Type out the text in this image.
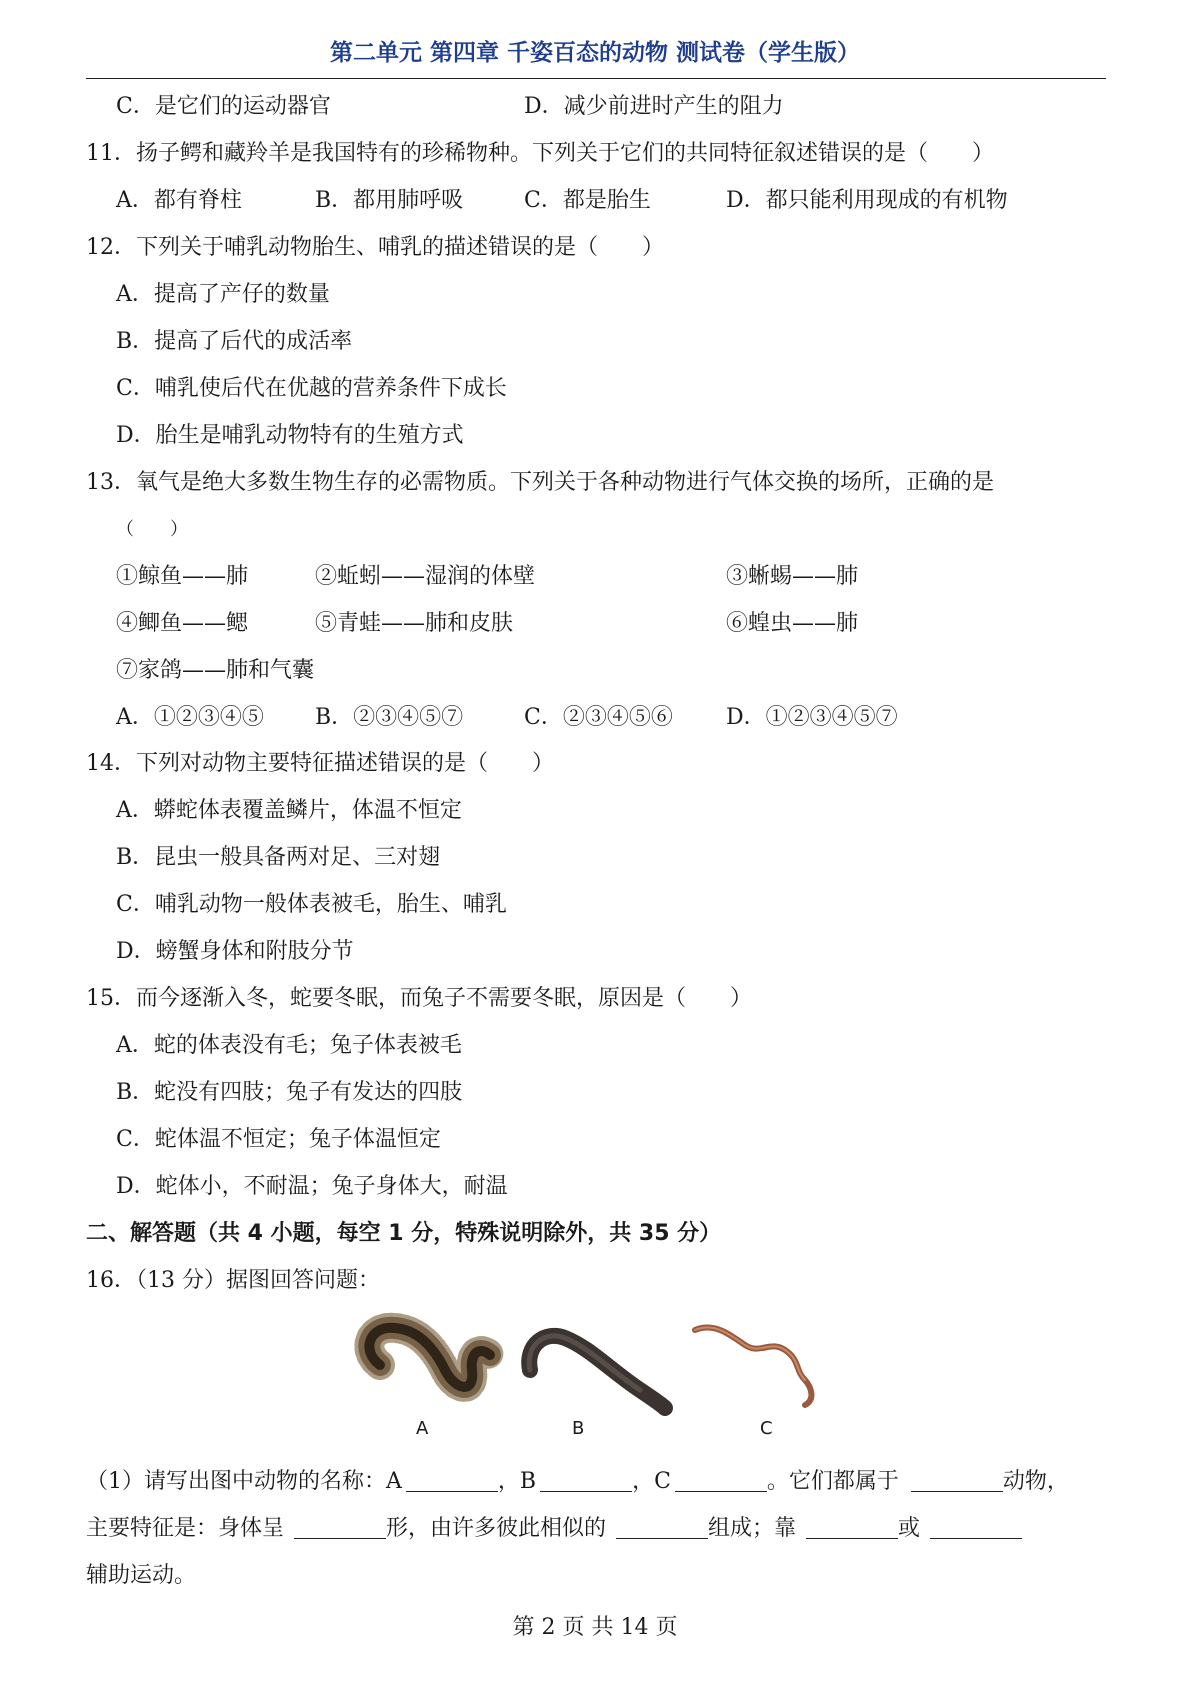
第二单元 第四章 千姿百态的动物 测试卷（学生版）
C．是它们的运动器官	D．减少前进时产生的阻力
11．扬子鳄和藏羚羊是我国特有的珍稀物种。下列关于它们的共同特征叙述错误的是（　　）
A．都有脊柱	B．都用肺呼吸	C．都是胎生	D．都只能利用现成的有机物
12．下列关于哺乳动物胎生、哺乳的描述错误的是（　　）
A．提高了产仔的数量
B．提高了后代的成活率
C．哺乳使后代在优越的营养条件下成长
D．胎生是哺乳动物特有的生殖方式
13．氧气是绝大多数生物生存的必需物质。下列关于各种动物进行气体交换的场所，正确的是
（　　）
①鲸鱼——肺	②蚯蚓——湿润的体壁	③蜥蜴——肺
④鲫鱼——鳃	⑤青蛙——肺和皮肤	⑥蝗虫——肺
⑦家鸽——肺和气囊
A．①②③④⑤ B．②③④⑤⑦	C．②③④⑤⑥ D．①②③④⑤⑦
14．下列对动物主要特征描述错误的是（　　）
A．蟒蛇体表覆盖鳞片，体温不恒定
B．昆虫一般具备两对足、三对翅
C．哺乳动物一般体表被毛，胎生、哺乳
D．螃蟹身体和附肢分节
15．而今逐渐入冬，蛇要冬眠，而兔子不需要冬眠，原因是（　　）
A．蛇的体表没有毛；兔子体表被毛
B．蛇没有四肢；兔子有发达的四肢
C．蛇体温不恒定；兔子体温恒定
D．蛇体小，不耐温；兔子身体大，耐温
二、解答题（共 4 小题，每空 1 分，特殊说明除外，共 35 分）
16．（13 分）据图回答问题：
A	B	C
（1）请写出图中动物的名称：A	，B	，C	。它们都属于	动物，
主要特征是：身体呈	形，由许多彼此相似的	组成；靠	或
辅助运动。
第 2 页 共 14 页
